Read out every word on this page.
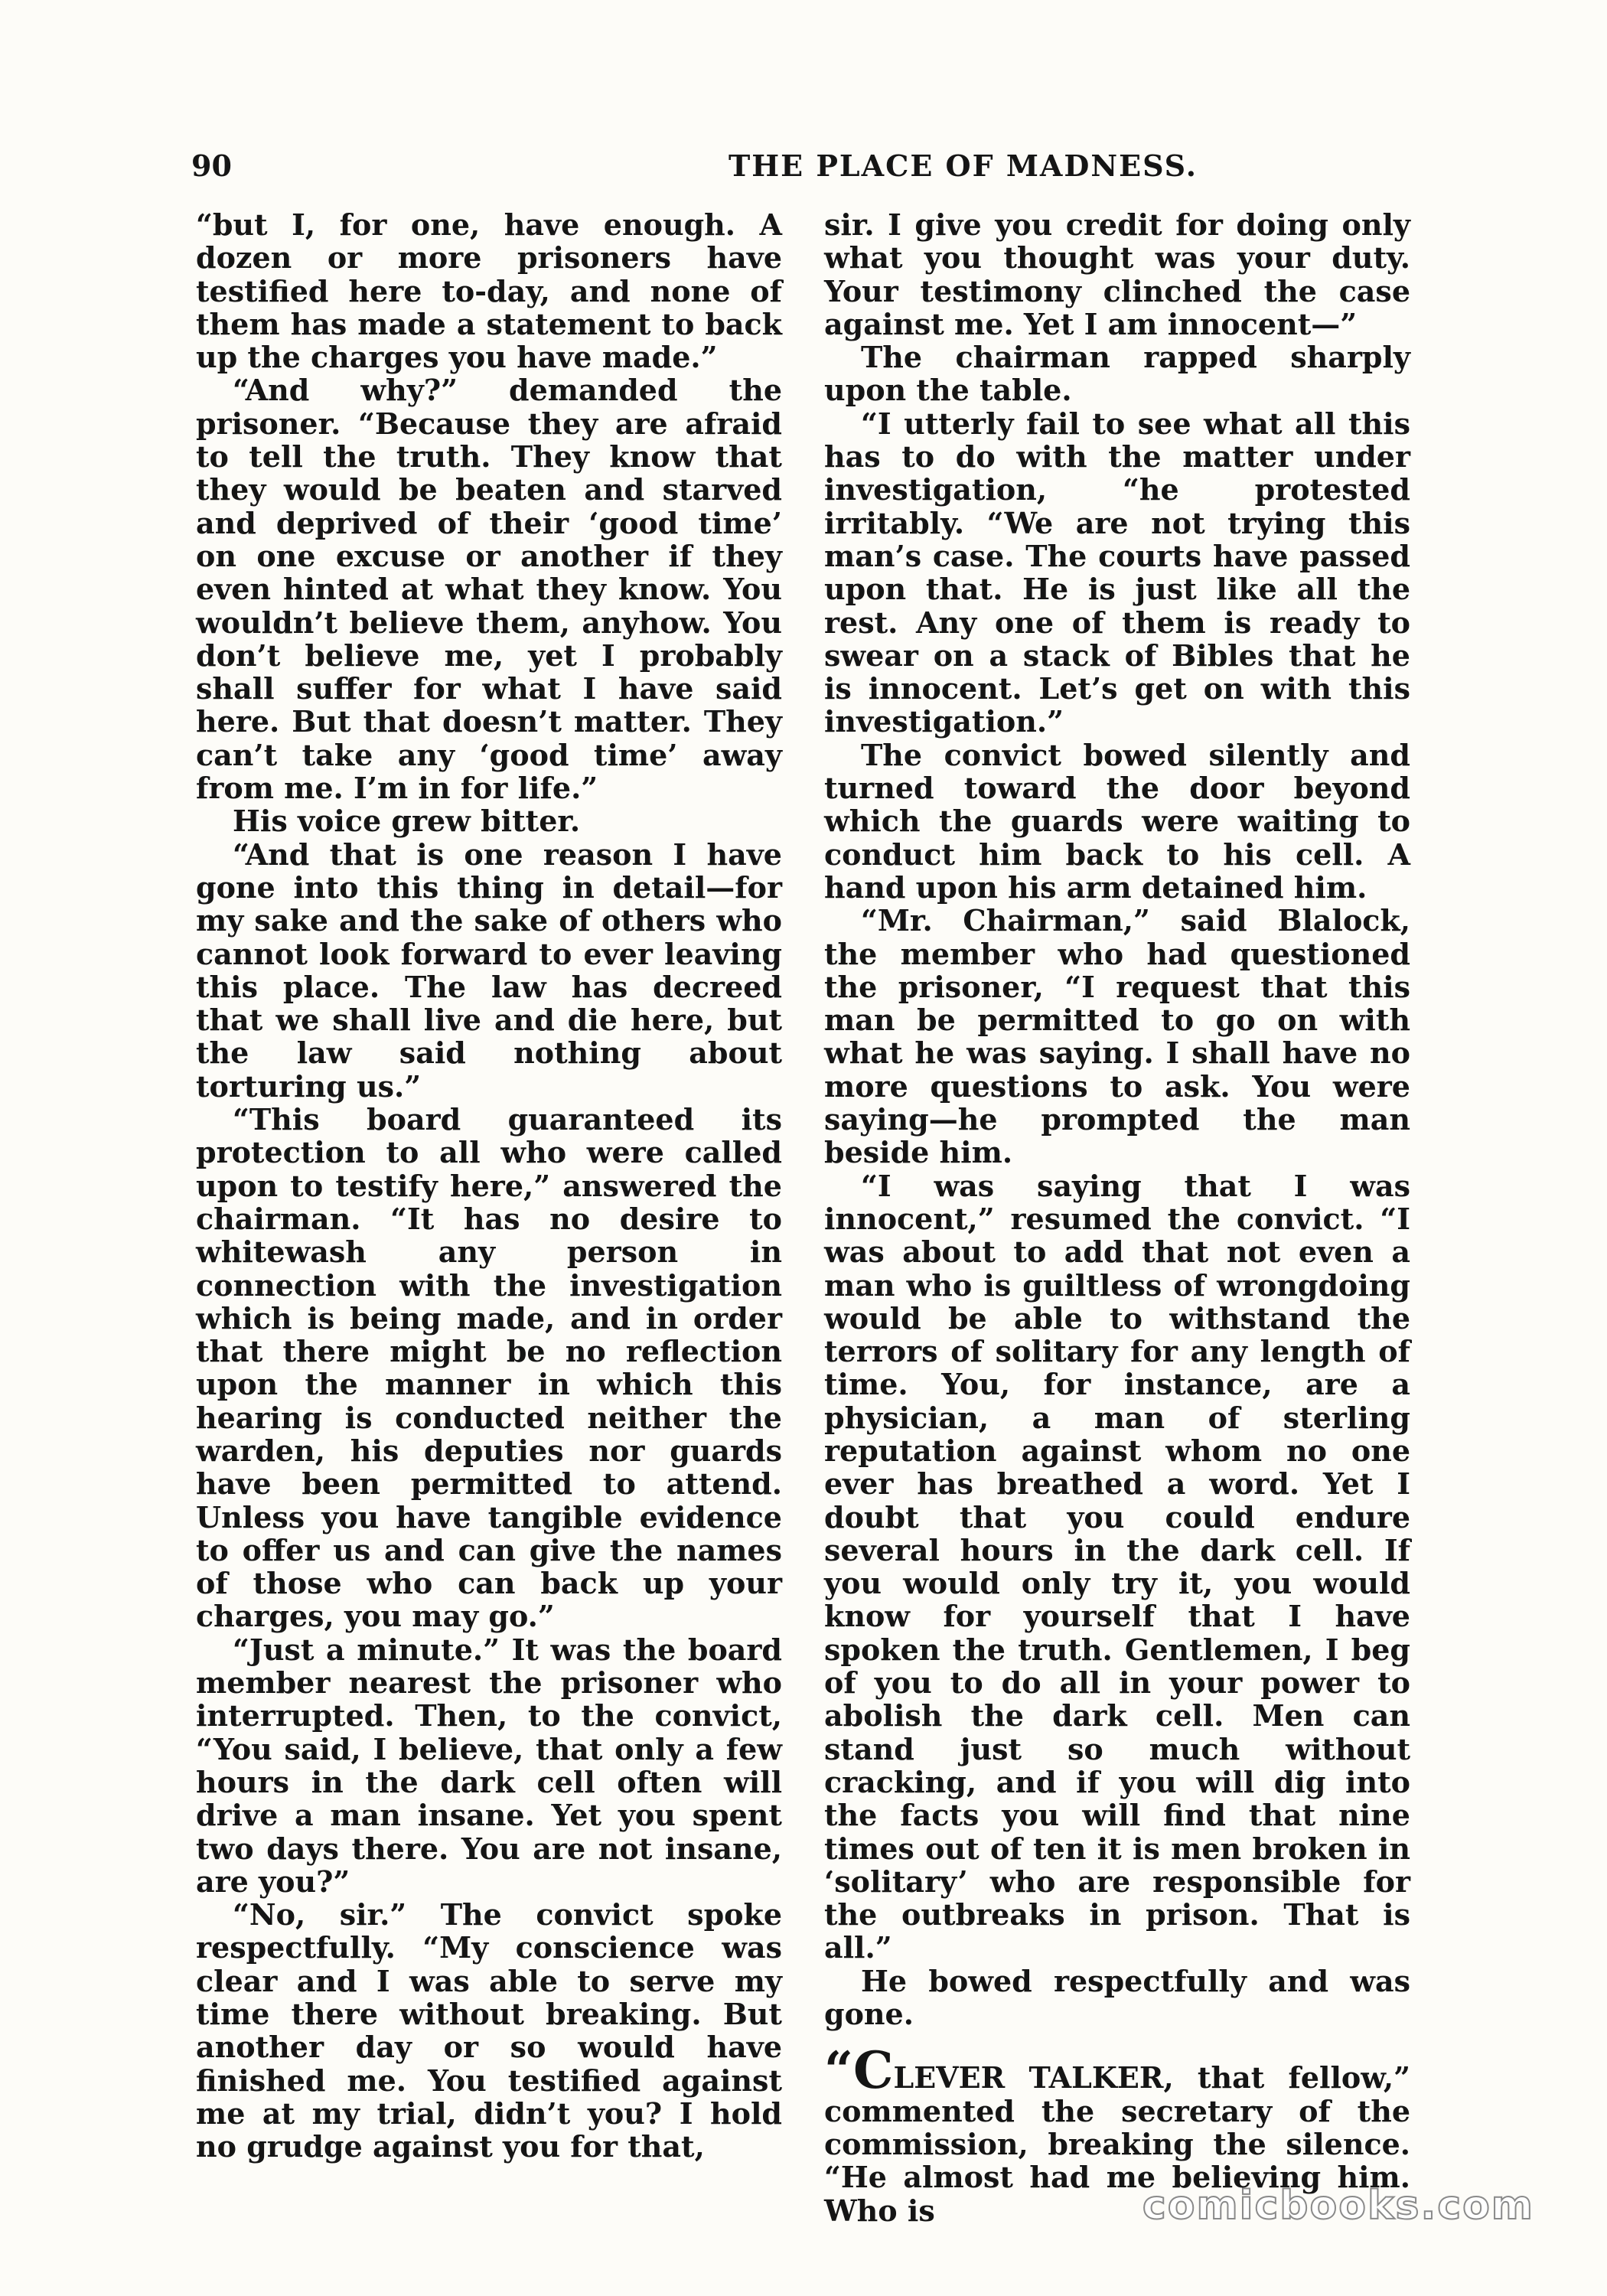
90	THE PLACE OF MADNESS.

“but I, for one, have enough. A dozen or more prisoners have testified here to-day, and none of them has made a statement to back up the charges you have made.”

“And why?” demanded the prisoner. “Because they are afraid to tell the truth. They know that they would be beaten and starved and deprived of their ‘good time’ on one excuse or another if they even hinted at what they know. You wouldn’t believe them, anyhow. You don’t believe me, yet I probably shall suffer for what I have said here. But that doesn’t matter. They can’t take any ‘good time’ away from me. I’m in for life.”

His voice grew bitter.

“And that is one reason I have gone into this thing in detail—for my sake and the sake of others who cannot look forward to ever leaving this place. The law has decreed that we shall live and die here, but the law said nothing about torturing us.”

“This board guaranteed its protection to all who were called upon to testify here,” answered the chairman. “It has no desire to whitewash any person in connection with the investigation which is being made, and in order that there might be no reflection upon the manner in which this hearing is conducted neither the warden, his deputies nor guards have been permitted to attend. Unless you have tangible evidence to offer us and can give the names of those who can back up your charges, you may go.”

“Just a minute.” It was the board member nearest the prisoner who interrupted. Then, to the convict, “You said, I believe, that only a few hours in the dark cell often will drive a man insane. Yet you spent two days there. You are not insane, are you?”

“No, sir.” The convict spoke respectfully. “My conscience was clear and I was able to serve my time there without breaking. But another day or so would have finished me. You testified against me at my trial, didn’t you? I hold no grudge against you for that,

sir. I give you credit for doing only what you thought was your duty. Your testimony clinched the case against me. Yet I am innocent—”

The chairman rapped sharply upon the table.

“I utterly fail to see what all this has to do with the matter under investigation, “he protested irritably. “We are not trying this man’s case. The courts have passed upon that. He is just like all the rest. Any one of them is ready to swear on a stack of Bibles that he is innocent. Let’s get on with this investigation.”

The convict bowed silently and turned toward the door beyond which the guards were waiting to conduct him back to his cell. A hand upon his arm detained him.

“Mr. Chairman,” said Blalock, the member who had questioned the prisoner, “I request that this man be permitted to go on with what he was saying. I shall have no more questions to ask. You were saying—he prompted the man beside him.

“I was saying that I was innocent,” resumed the convict. “I was about to add that not even a man who is guiltless of wrongdoing would be able to withstand the terrors of solitary for any length of time. You, for instance, are a physician, a man of sterling reputation against whom no one ever has breathed a word. Yet I doubt that you could endure several hours in the dark cell. If you would only try it, you would know for yourself that I have spoken the truth. Gentlemen, I beg of you to do all in your power to abolish the dark cell. Men can stand just so much without cracking, and if you will dig into the facts you will find that nine times out of ten it is men broken in ‘solitary’ who are responsible for the outbreaks in prison. That is all.”

He bowed respectfully and was gone.

“CLEVER TALKER, that fellow,” commented the secretary of the commission, breaking the silence. “He almost had me believing him. Who is	comicbooks.com
